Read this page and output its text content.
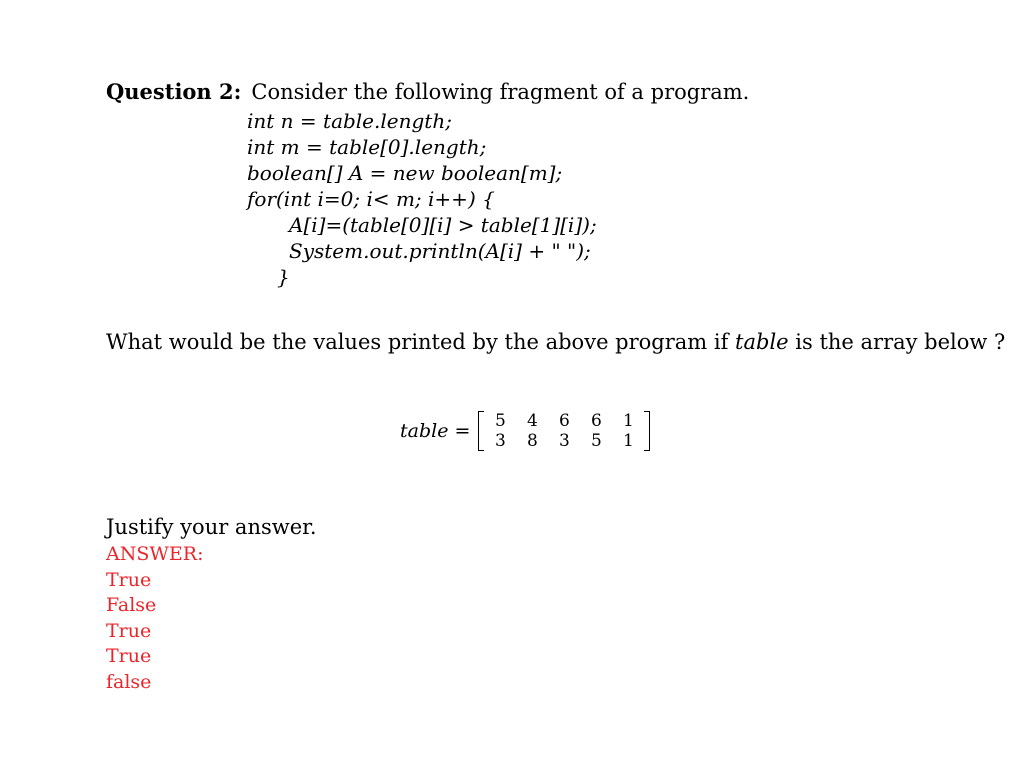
Question 2: Consider the following fragment of a program.
int n = table.length;
int m = table[0].length;
boolean[] A = new boolean[m];
for(int i=0; i< m; i++) {
A[i]=(table[0][i] > table[1][i]);
System.out.println(A[i] + " ");
}
What would be the values printed by the above program if table is the array below ?
table =	5	4	6	6	1
3	8	3	5	1
Justify your answer.
ANSWER:
True
False
True
True
false
